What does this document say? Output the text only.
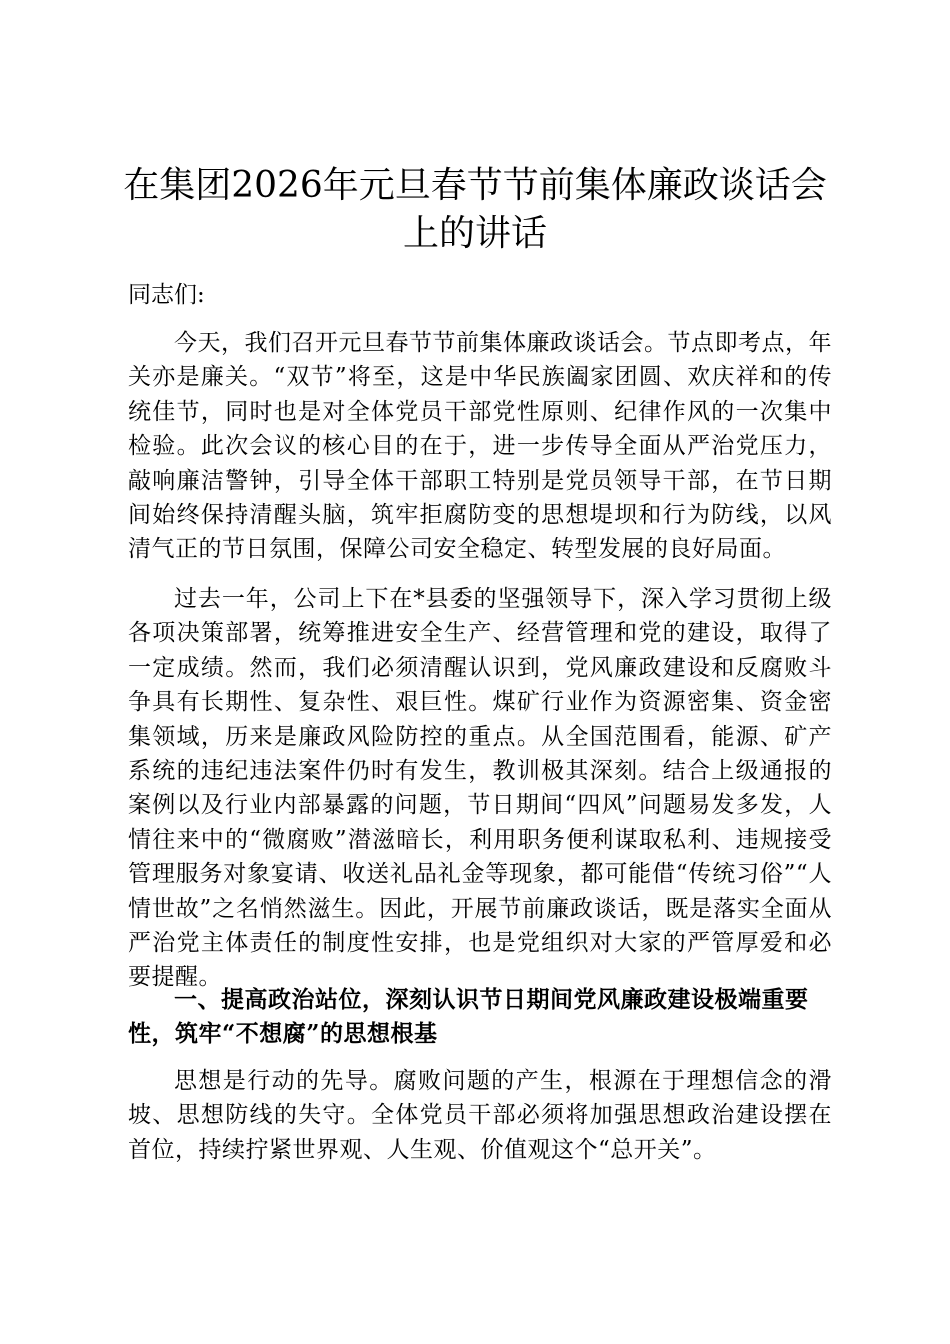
在集团2026年元旦春节节前集体廉政谈话会上的讲话

同志们:

今天，我们召开元旦春节节前集体廉政谈话会。节点即考点，年关亦是廉关。“双节”将至，这是中华民族阖家团圆、欢庆祥和的传统佳节，同时也是对全体党员干部党性原则、纪律作风的一次集中检验。此次会议的核心目的在于，进一步传导全面从严治党压力，敲响廉洁警钟，引导全体干部职工特别是党员领导干部，在节日期间始终保持清醒头脑，筑牢拒腐防变的思想堤坝和行为防线，以风清气正的节日氛围，保障公司安全稳定、转型发展的良好局面。

过去一年，公司上下在*县委的坚强领导下，深入学习贯彻上级各项决策部署，统筹推进安全生产、经营管理和党的建设，取得了一定成绩。然而，我们必须清醒认识到，党风廉政建设和反腐败斗争具有长期性、复杂性、艰巨性。煤矿行业作为资源密集、资金密集领域，历来是廉政风险防控的重点。从全国范围看，能源、矿产系统的违纪违法案件仍时有发生，教训极其深刻。结合上级通报的案例以及行业内部暴露的问题，节日期间“四风”问题易发多发，人情往来中的“微腐败”潜滋暗长，利用职务便利谋取私利、违规接受管理服务对象宴请、收送礼品礼金等现象，都可能借“传统习俗”“人情世故”之名悄然滋生。因此，开展节前廉政谈话，既是落实全面从严治党主体责任的制度性安排，也是党组织对大家的严管厚爱和必要提醒。

一、提高政治站位，深刻认识节日期间党风廉政建设极端重要性，筑牢“不想腐”的思想根基

思想是行动的先导。腐败问题的产生，根源在于理想信念的滑坡、思想防线的失守。全体党员干部必须将加强思想政治建设摆在首位，持续拧紧世界观、人生观、价值观这个“总开关”。
